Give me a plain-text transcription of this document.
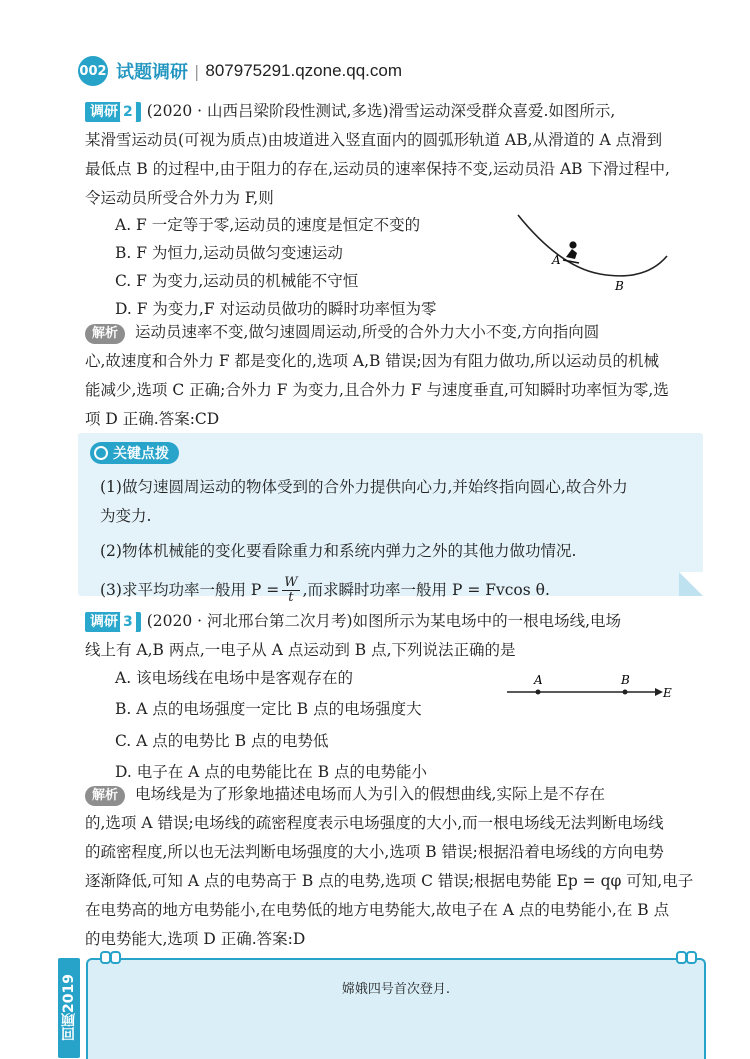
002 试题调研 | 807975291.qzone.qq.com
调研 2 (2020 · 山西吕梁阶段性测试,多选)滑雪运动深受群众喜爱.如图所示,
某滑雪运动员(可视为质点)由坡道进入竖直面内的圆弧形轨道 AB,从滑道的 A 点滑到
最低点 B 的过程中,由于阻力的存在,运动员的速率保持不变,运动员沿 AB 下滑过程中,
令运动员所受合外力为 F,则
A. F 一定等于零,运动员的速度是恒定不变的
B. F 为恒力,运动员做匀变速运动
C. F 为变力,运动员的机械能不守恒
D. F 为变力,F 对运动员做功的瞬时功率恒为零
A
B
解析 运动员速率不变,做匀速圆周运动,所受的合外力大小不变,方向指向圆
心,故速度和合外力 F 都是变化的,选项 A,B 错误;因为有阻力做功,所以运动员的机械
能减少,选项 C 正确;合外力 F 为变力,且合外力 F 与速度垂直,可知瞬时功率恒为零,选
项 D 正确.答案:CD
关键点拨
(1)做匀速圆周运动的物体受到的合外力提供向心力,并始终指向圆心,故合外力
为变力.
(2)物体机械能的变化要看除重力和系统内弹力之外的其他力做功情况.
(3)求平均功率一般用 $P = \frac{W}{t}$ ,而求瞬时功率一般用 P = Fvcos θ.
调研 3 (2020 · 河北邢台第二次月考)如图所示为某电场中的一根电场线,电场
线上有 A,B 两点,一电子从 A 点运动到 B 点,下列说法正确的是
A. 该电场线在电场中是客观存在的
B. A 点的电场强度一定比 B 点的电场强度大
C. A 点的电势比 B 点的电势低
D. 电子在 A 点的电势能比在 B 点的电势能小
A	B
E
解析 电场线是为了形象地描述电场而人为引入的假想曲线,实际上是不存在
的,选项 A 错误;电场线的疏密程度表示电场强度的大小,而一根电场线无法判断电场线
的疏密程度,所以也无法判断电场强度的大小,选项 B 错误;根据沿着电场线的方向电势
逐渐降低,可知 A 点的电势高于 B 点的电势,选项 C 错误;根据电势能 Ep = qφ 可知,电子
在电势高的地方电势能小,在电势低的地方电势能大,故电子在 A 点的电势能小,在 B 点
的电势能大,选项 D 正确.答案:D
回顾2019	嫦娥四号首次登月.
